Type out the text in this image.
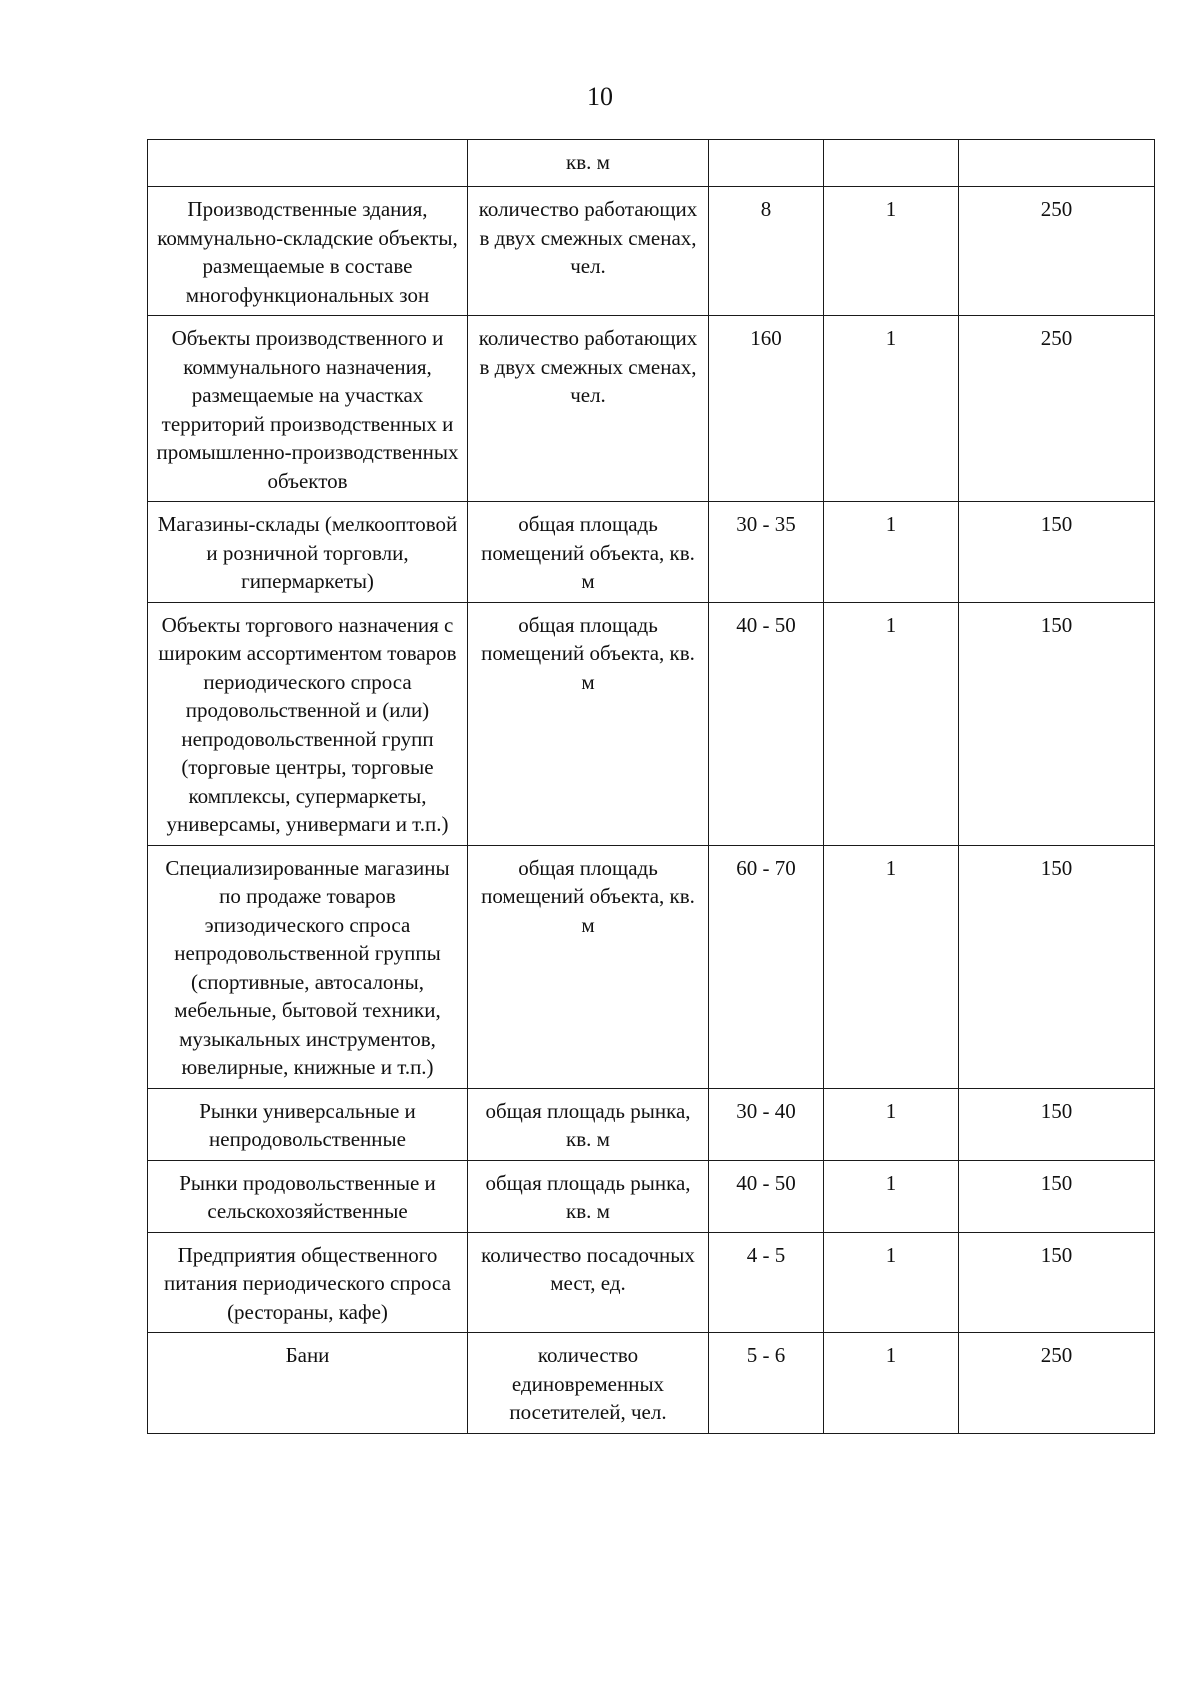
10
	кв. м			
Производственные здания, коммунально-складские объекты, размещаемые в составе многофункциональных зон	количество работающих в двух смежных сменах, чел.	8	1	250
Объекты производственного и коммунального назначения, размещаемые на участках территорий производственных и промышленно-производственных объектов	количество работающих в двух смежных сменах, чел.	160	1	250
Магазины-склады (мелкооптовой и розничной торговли, гипермаркеты)	общая площадь помещений объекта, кв. м	30 - 35	1	150
Объекты торгового назначения с широким ассортиментом товаров периодического спроса продовольственной и (или) непродовольственной групп (торговые центры, торговые комплексы, супермаркеты, универсамы, универмаги и т.п.)	общая площадь помещений объекта, кв. м	40 - 50	1	150
Специализированные магазины по продаже товаров эпизодического спроса непродовольственной группы (спортивные, автосалоны, мебельные, бытовой техники, музыкальных инструментов, ювелирные, книжные и т.п.)	общая площадь помещений объекта, кв. м	60 - 70	1	150
Рынки универсальные и непродовольственные	общая площадь рынка, кв. м	30 - 40	1	150
Рынки продовольственные и сельскохозяйственные	общая площадь рынка, кв. м	40 - 50	1	150
Предприятия общественного питания периодического спроса (рестораны, кафе)	количество посадочных мест, ед.	4 - 5	1	150
Бани	количество единовременных посетителей, чел.	5 - 6	1	250
